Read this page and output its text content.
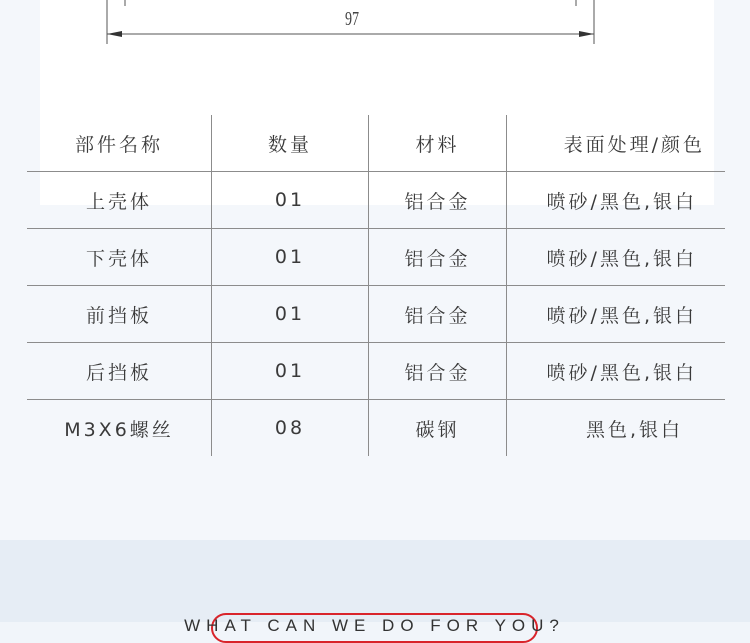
97
部件名称	数量	材料	表面处理/颜色
上壳体	01	铝合金	喷砂/黑色,银白
下壳体	01	铝合金	喷砂/黑色,银白
前挡板	01	铝合金	喷砂/黑色,银白
后挡板	01	铝合金	喷砂/黑色,银白
M3X6螺丝	08	碳钢	黑色,银白
WHAT CAN WE DO FOR YOU?
